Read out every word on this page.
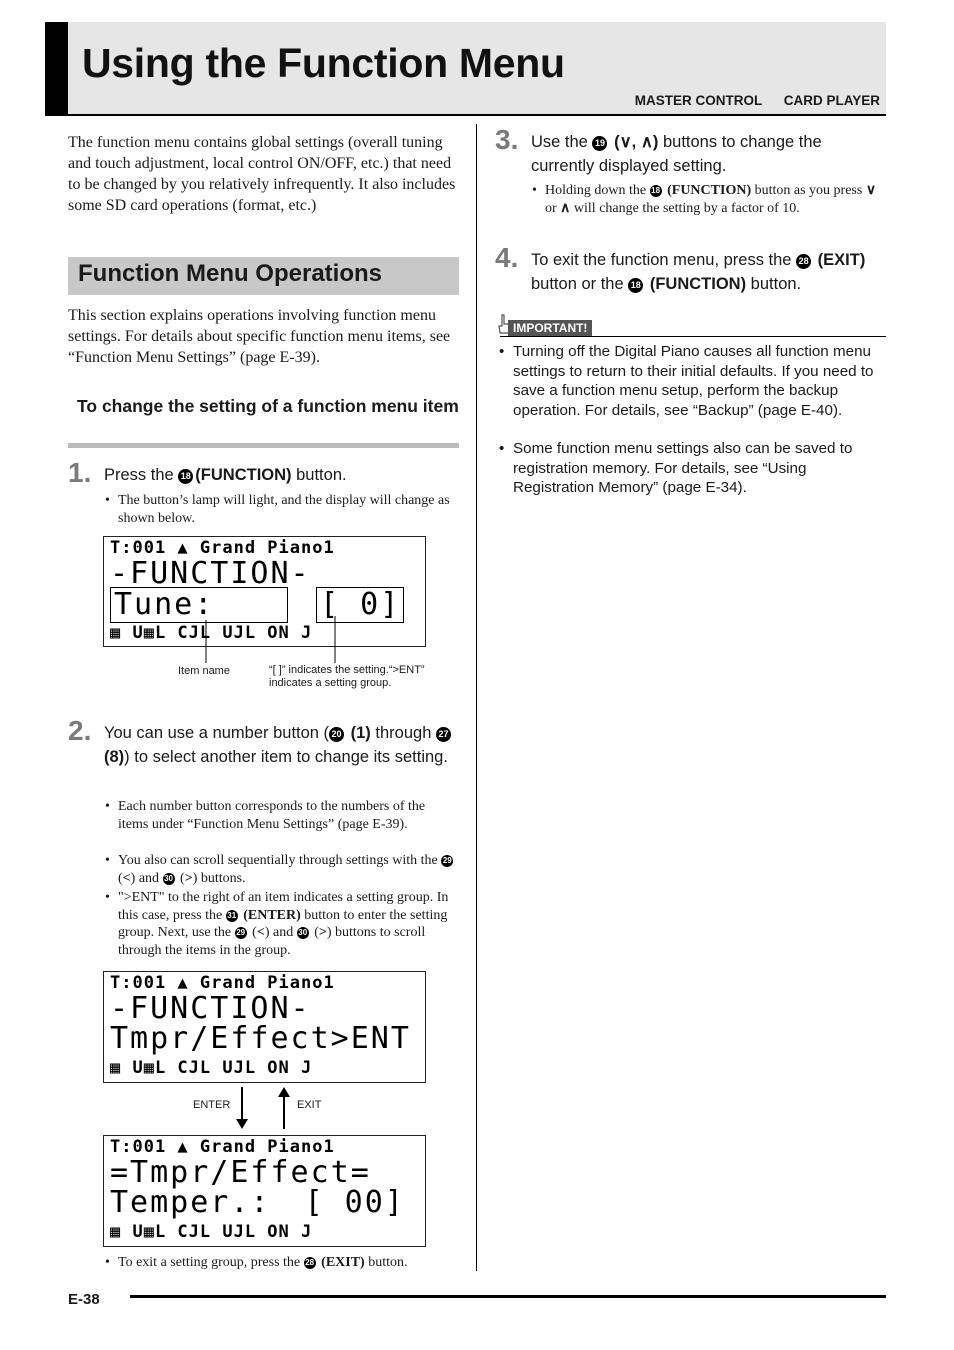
Using the Function Menu
MASTER CONTROL CARD PLAYER
The function menu contains global settings (overall tuning and touch adjustment, local control ON/OFF, etc.) that need to be changed by you relatively infrequently. It also includes some SD card operations (format, etc.)
Function Menu Operations
This section explains operations involving function menu settings. For details about specific function menu items, see “Function Menu Settings” (page E-39).
To change the setting of a function menu item
1. Press the 18 (FUNCTION) button.
• The button’s lamp will light, and the display will change as shown below.
T:001 ▲ Grand Piano1
-FUNCTION-
Tune:	[ 0]
▦ U▦L CJL UJL ON J
Item name	“[ ]” indicates the setting.“>ENT” indicates a setting group.
2. You can use a number button ( 20 (1) through 27 (8)) to select another item to change its setting.
• Each number button corresponds to the numbers of the items under “Function Menu Settings” (page E-39).
• You also can scroll sequentially through settings with the 29 (<) and 30 (>) buttons.
• ">ENT" to the right of an item indicates a setting group. In this case, press the 31 (ENTER) button to enter the setting group. Next, use the 29 (<) and 30 (>) buttons to scroll through the items in the group.
T:001 ▲ Grand Piano1
-FUNCTION-
Tmpr/Effect>ENT
▦ U▦L CJL UJL ON J
ENTER	EXIT
T:001 ▲ Grand Piano1
=Tmpr/Effect=
Temper.: [ 00]
▦ U▦L CJL UJL ON J
• To exit a setting group, press the 28 (EXIT) button.
3. Use the 19 (∨, ∧) buttons to change the currently displayed setting.
• Holding down the 18 (FUNCTION) button as you press ∨ or ∧ will change the setting by a factor of 10.
4. To exit the function menu, press the 28 (EXIT) button or the 18 (FUNCTION) button.
IMPORTANT!
• Turning off the Digital Piano causes all function menu settings to return to their initial defaults. If you need to save a function menu setup, perform the backup operation. For details, see “Backup” (page E-40).
• Some function menu settings also can be saved to registration memory. For details, see “Using Registration Memory” (page E-34).
E-38
